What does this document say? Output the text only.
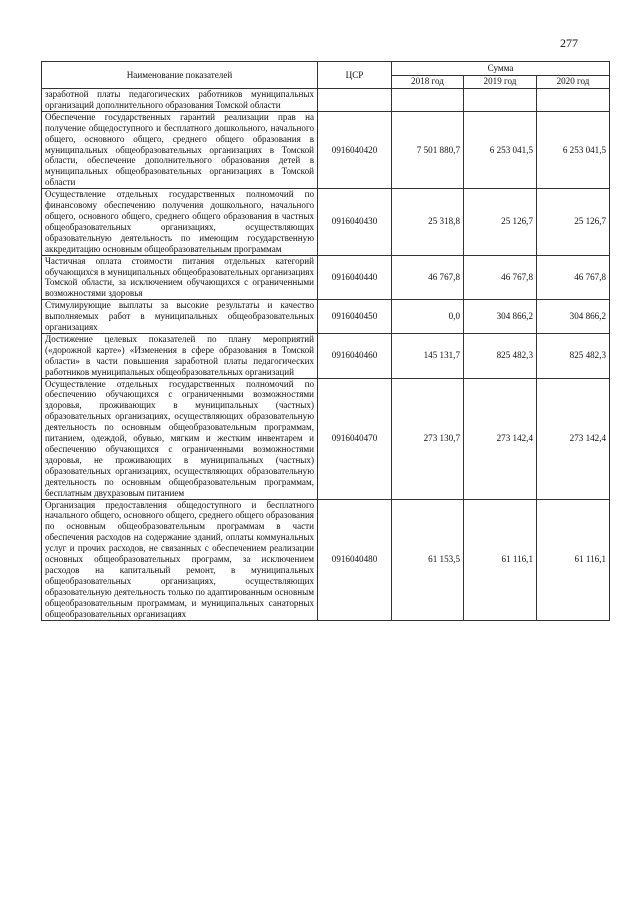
277
Наименование показателей	ЦСР	Сумма		
		2018 год	2019 год	2020 год
заработной платы педагогических работников муниципальных организаций дополнительного образования Томской области				
Обеспечение государственных гарантий реализации прав на получение общедоступного и бесплатного дошкольного, начального общего, основного общего, среднего общего образования в муниципальных общеобразовательных организациях в Томской области, обеспечение дополнительного образования детей в муниципальных общеобразовательных организациях в Томской области	0916040420	7 501 880,7	6 253 041,5	6 253 041,5
Осуществление отдельных государственных полномочий по финансовому обеспечению получения дошкольного, начального общего, основного общего, среднего общего образования в частных общеобразовательных организациях, осуществляющих образовательную деятельность по имеющим государственную аккредитацию основным общеобразовательным программам	0916040430	25 318,8	25 126,7	25 126,7
Частичная оплата стоимости питания отдельных категорий обучающихся в муниципальных общеобразовательных организациях Томской области, за исключением обучающихся с ограниченными возможностями здоровья	0916040440	46 767,8	46 767,8	46 767,8
Стимулирующие выплаты за высокие результаты и качество выполняемых работ в муниципальных общеобразовательных организациях	0916040450	0,0	304 866,2	304 866,2
Достижение целевых показателей по плану мероприятий («дорожной карте») «Изменения в сфере образования в Томской области» в части повышения заработной платы педагогических работников муниципальных общеобразовательных организаций	0916040460	145 131,7	825 482,3	825 482,3
Осуществление отдельных государственных полномочий по обеспечению обучающихся с ограниченными возможностями здоровья, проживающих в муниципальных (частных) образовательных организациях, осуществляющих образовательную деятельность по основным общеобразовательным программам, питанием, одеждой, обувью, мягким и жестким инвентарем и обеспечению обучающихся с ограниченными возможностями здоровья, не проживающих в муниципальных (частных) образовательных организациях, осуществляющих образовательную деятельность по основным общеобразовательным программам, бесплатным двухразовым питанием	0916040470	273 130,7	273 142,4	273 142,4
Организация предоставления общедоступного и бесплатного начального общего, основного общего, среднего общего образования по основным общеобразовательным программам в части обеспечения расходов на содержание зданий, оплаты коммунальных услуг и прочих расходов, не связанных с обеспечением реализации основных общеобразовательных программ, за исключением расходов на капитальный ремонт, в муниципальных общеобразовательных организациях, осуществляющих образовательную деятельность только по адаптированным основным общеобразовательным программам, и муниципальных санаторных общеобразовательных организациях	0916040480	61 153,5	61 116,1	61 116,1
